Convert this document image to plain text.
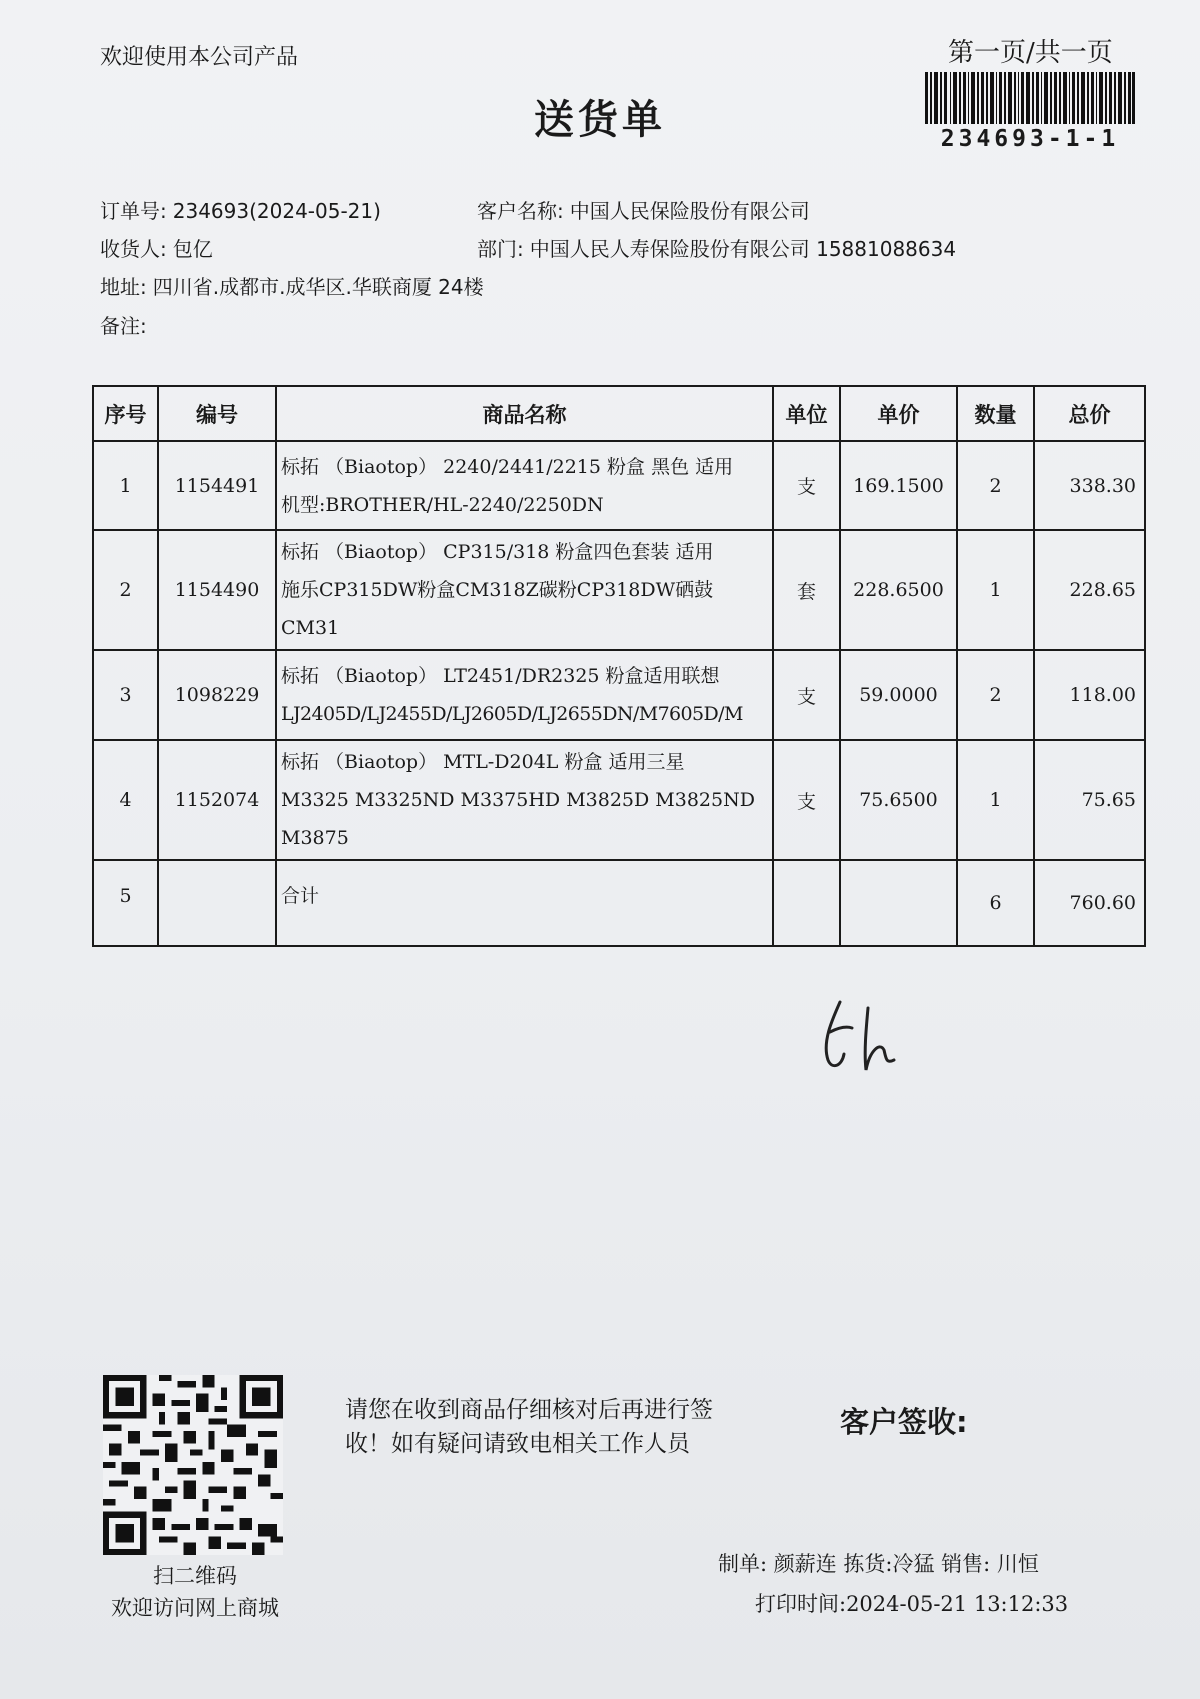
欢迎使用本公司产品	第一页/共一页
234693-1-1
送货单
订单号: 234693(2024-05-21)	客户名称: 中国人民保险股份有限公司
收货人: 包亿	部门: 中国人民人寿保险股份有限公司 15881088634
地址: 四川省.成都市.成华区.华联商厦 24楼
备注:
序号	编号	商品名称	单位	单价	数量	总价
1	1154491	标拓 （Biaotop） 2240/2441/2215 粉盒 黑色 适用
机型:BROTHER/HL-2240/2250DN	支	169.1500	2	338.30
2	1154490	标拓 （Biaotop） CP315/318 粉盒四色套装 适用
施乐CP315DW粉盒CM318Z碳粉CP318DW硒鼓
CM31	套	228.6500	1	228.65
3	1098229	标拓 （Biaotop） LT2451/DR2325 粉盒适用联想
LJ2405D/LJ2455D/LJ2605D/LJ2655DN/M7605D/M	支	59.0000	2	118.00
4	1152074	标拓 （Biaotop） MTL-D204L 粉盒 适用三星
M3325 M3325ND M3375HD M3825D M3825ND
M3875	支	75.6500	1	75.65
5		合计			6	760.60
扫二维码
欢迎访问网上商城
请您在收到商品仔细核对后再进行签
收！如有疑问请致电相关工作人员
客户签收:
制单: 颜薪连 拣货:冷猛 销售: 川恒
打印时间:2024-05-21 13:12:33
